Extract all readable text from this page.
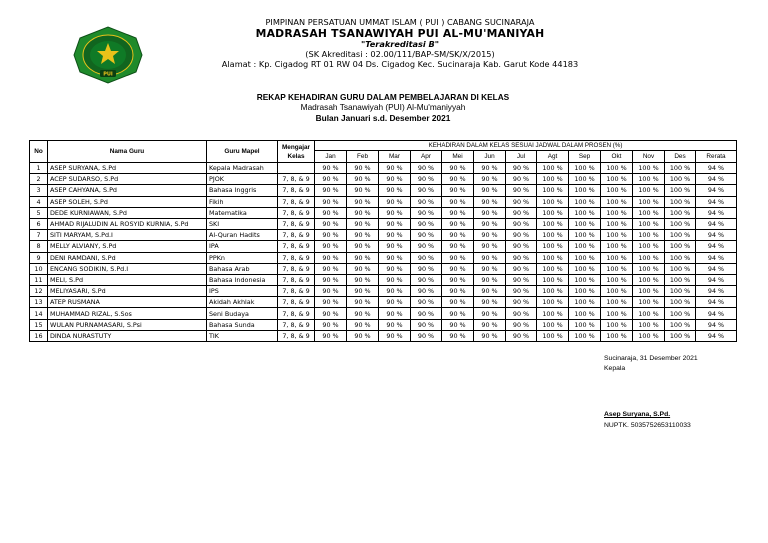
PUI
PIMPINAN PERSATUAN UMMAT ISLAM ( PUI ) CABANG SUCINARAJA
MADRASAH TSANAWIYAH PUI AL-MU'MANIYAH
"Terakreditasi B"
(SK Akreditasi : 02.00/111/BAP-SM/SK/X/2015)
Alamat : Kp. Cigadog RT 01 RW 04 Ds. Cigadog Kec. Sucinaraja Kab. Garut Kode 44183
REKAP KEHADIRAN GURU DALAM PEMBELAJARAN DI KELAS
Madrasah Tsanawiyah (PUI) Al-Mu'maniyyah
Bulan Januari s.d. Desember 2021
No	Nama Guru	Guru Mapel	Mengajar Kelas	KEHADIRAN DALAM KELAS SESUAI JADWAL DALAM PROSEN (%)												
				Jan	Feb	Mar	Apr	Mei	Jun	Jul	Agt	Sep	Okt	Nov	Des	Rerata
1	ASEP SURYANA, S.Pd	Kepala Madrasah		90 %	90 %	90 %	90 %	90 %	90 %	90 %	100 %	100 %	100 %	100 %	100 %	94 %
2	ACEP SUDARSO, S.Pd	PJOK	7, 8, & 9	90 %	90 %	90 %	90 %	90 %	90 %	90 %	100 %	100 %	100 %	100 %	100 %	94 %
3	ASEP CAHYANA, S.Pd	Bahasa Inggris	7, 8, & 9	90 %	90 %	90 %	90 %	90 %	90 %	90 %	100 %	100 %	100 %	100 %	100 %	94 %
4	ASEP SOLEH, S.Pd	Fikih	7, 8, & 9	90 %	90 %	90 %	90 %	90 %	90 %	90 %	100 %	100 %	100 %	100 %	100 %	94 %
5	DEDE KURNIAWAN, S.Pd	Matematika	7, 8, & 9	90 %	90 %	90 %	90 %	90 %	90 %	90 %	100 %	100 %	100 %	100 %	100 %	94 %
6	AHMAD RIJALUDIN AL ROSYID KURNIA, S.Pd	SKI	7, 8, & 9	90 %	90 %	90 %	90 %	90 %	90 %	90 %	100 %	100 %	100 %	100 %	100 %	94 %
7	SITI MARYAM, S.Pd.I	Al-Quran Hadits	7, 8, & 9	90 %	90 %	90 %	90 %	90 %	90 %	90 %	100 %	100 %	100 %	100 %	100 %	94 %
8	MELLY ALVIANY, S.Pd	IPA	7, 8, & 9	90 %	90 %	90 %	90 %	90 %	90 %	90 %	100 %	100 %	100 %	100 %	100 %	94 %
9	DENI RAMDANI, S.Pd	PPKn	7, 8, & 9	90 %	90 %	90 %	90 %	90 %	90 %	90 %	100 %	100 %	100 %	100 %	100 %	94 %
10	ENCANG SODIKIN, S.Pd.I	Bahasa Arab	7, 8, & 9	90 %	90 %	90 %	90 %	90 %	90 %	90 %	100 %	100 %	100 %	100 %	100 %	94 %
11	MELI, S.Pd	Bahasa Indonesia	7, 8, & 9	90 %	90 %	90 %	90 %	90 %	90 %	90 %	100 %	100 %	100 %	100 %	100 %	94 %
12	MELIYASARI, S.Pd	IPS	7, 8, & 9	90 %	90 %	90 %	90 %	90 %	90 %	90 %	100 %	100 %	100 %	100 %	100 %	94 %
13	ATEP RUSMANA	Akidah Akhlak	7, 8, & 9	90 %	90 %	90 %	90 %	90 %	90 %	90 %	100 %	100 %	100 %	100 %	100 %	94 %
14	MUHAMMAD RIZAL, S.Sos	Seni Budaya	7, 8, & 9	90 %	90 %	90 %	90 %	90 %	90 %	90 %	100 %	100 %	100 %	100 %	100 %	94 %
15	WULAN PURNAMASARI, S.Psi	Bahasa Sunda	7, 8, & 9	90 %	90 %	90 %	90 %	90 %	90 %	90 %	100 %	100 %	100 %	100 %	100 %	94 %
16	DINDA NURASTUTY	TIK	7, 8, & 9	90 %	90 %	90 %	90 %	90 %	90 %	90 %	100 %	100 %	100 %	100 %	100 %	94 %
Sucinaraja, 31 Desember 2021
Kepala
Asep Suryana, S.Pd.
NUPTK. 5035752653110033
